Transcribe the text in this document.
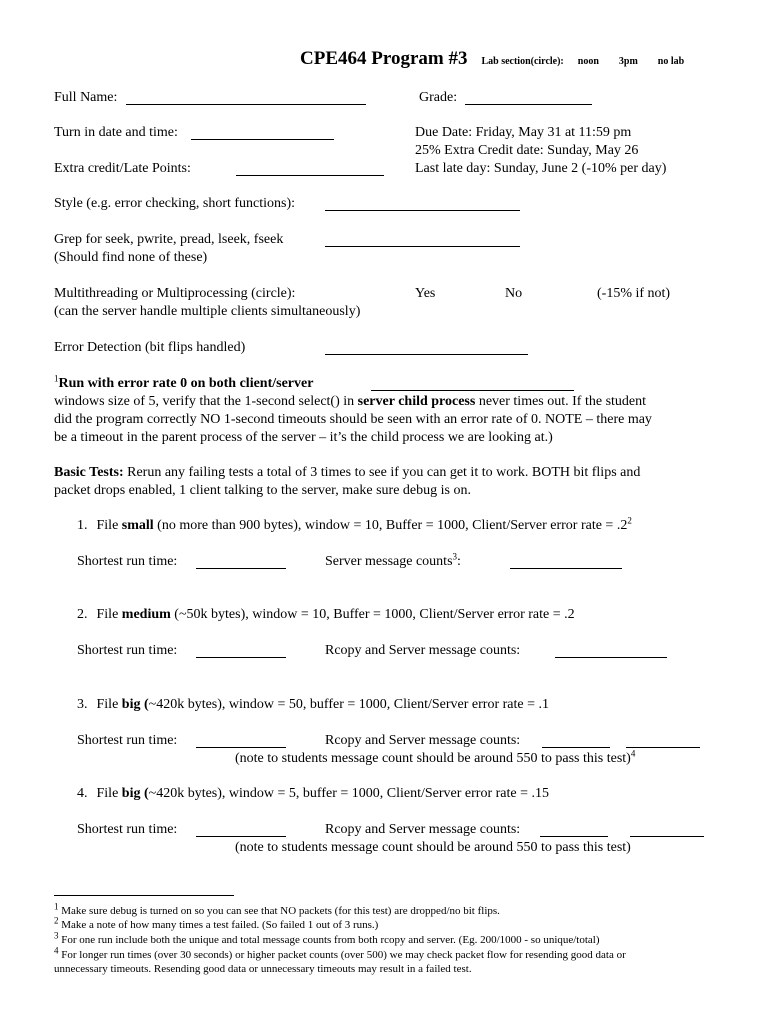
CPE464 Program #3 Lab section(circle): noon 3pm no lab
Full Name:	Grade:
Turn in date and time:	Due Date: Friday, May 31 at 11:59 pm
25% Extra Credit date: Sunday, May 26
Extra credit/Late Points:	Last late day: Sunday, June 2 (-10% per day)
Style (e.g. error checking, short functions):
Grep for seek, pwrite, pread, lseek, fseek
(Should find none of these)
Multithreading or Multiprocessing (circle):	Yes	No	(-15% if not)
(can the server handle multiple clients simultaneously)
Error Detection (bit flips handled)
$^1$Run with error rate 0 on both client/server
windows size of 5, verify that the 1-second select() in server child process never times out. If the student
did the program correctly NO 1-second timeouts should be seen with an error rate of 0. NOTE – there may
be a timeout in the parent process of the server – it’s the child process we are looking at.)
Basic Tests: Rerun any failing tests a total of 3 times to see if you can get it to work. BOTH bit flips and
packet drops enabled, 1 client talking to the server, make sure debug is on.
1. File small (no more than 900 bytes), window = 10, Buffer = 1000, Client/Server error rate = $.2^2$
Shortest run time:	Server message counts$^3$:
2. File medium (~50k bytes), window = 10, Buffer = 1000, Client/Server error rate = .2
Shortest run time:	Rcopy and Server message counts:
3. File big (~420k bytes), window = 50, buffer = 1000, Client/Server error rate = .1
Shortest run time:	Rcopy and Server message counts:
(note to students message count should be around 550 to pass this test)$^4$
4. File big (~420k bytes), window = 5, buffer = 1000, Client/Server error rate = .15
Shortest run time:	Rcopy and Server message counts:
(note to students message count should be around 550 to pass this test)
$^1$ Make sure debug is turned on so you can see that NO packets (for this test) are dropped/no bit flips.
$^2$ Make a note of how many times a test failed. (So failed 1 out of 3 runs.)
$^3$ For one run include both the unique and total message counts from both rcopy and server. (Eg. 200/1000 - so unique/total)
$^4$ For longer run times (over 30 seconds) or higher packet counts (over 500) we may check packet flow for resending good data or
unnecessary timeouts. Resending good data or unnecessary timeouts may result in a failed test.
